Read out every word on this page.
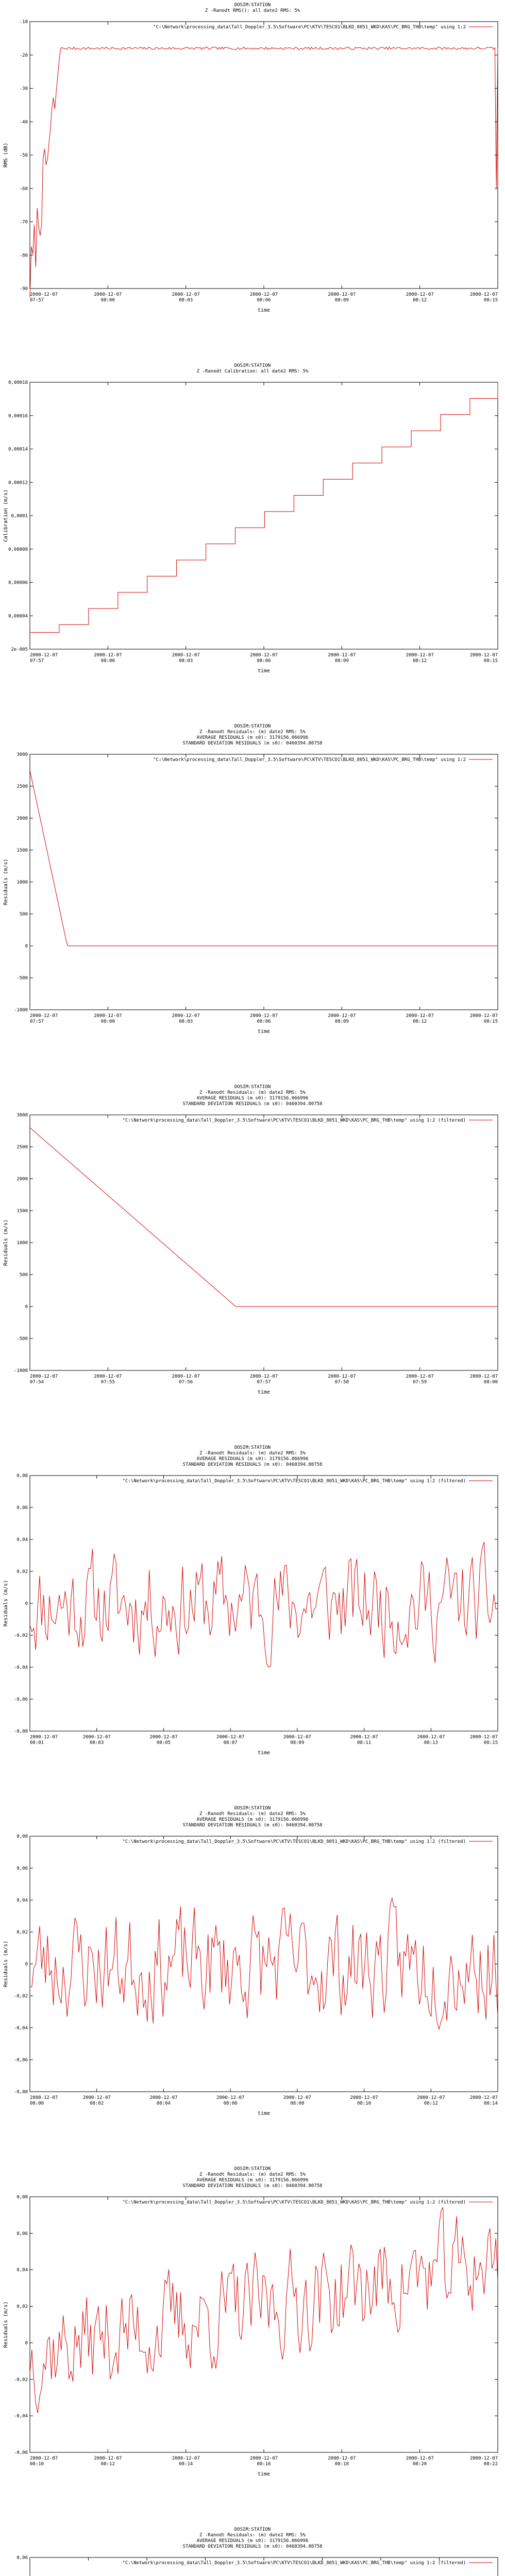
DOSIM:STATION
Z -Ranodt RMS(): all date2 RMS: 5%
-90
-80
-70
-60
-50
-40
-30
-20
-10
2000-12-07
07:57
2000-12-07
08:00
2000-12-07
08:03
2000-12-07
08:06
2000-12-07
08:09
2000-12-07
08:12
2000-12-07
08:15
time
RMS (dB)
"C:\Network\processing_data\Tall_Doppler_3.5\Software\PC\KTV\TESCO1\BLKD_8051_WKD\KAS\PC_BRG_THB\temp" using 1:2
DOSIM:STATION
Z -Ranodt Calibration: all date2 RMS: 5%
2e-005
0,00004
0,00006
0,00008
0,0001
0,00012
0,00014
0,00016
0,00018
2000-12-07
07:57
2000-12-07
08:00
2000-12-07
08:03
2000-12-07
08:06
2000-12-07
08:09
2000-12-07
08:12
2000-12-07
08:15
time
Calibration (m/s)
DOSIM:STATION
Z -Ranodt Residuals: (m) date2 RMS: 5%
AVERAGE RESIDUALS (m s0): 3179156.066996
STANDARD DEVIATION RESIDUALS (m s0): 0460394.80758
-1000
-500
0
500
1000
1500
2000
2500
3000
2000-12-07
07:57
2000-12-07
08:00
2000-12-07
08:03
2000-12-07
08:06
2000-12-07
08:09
2000-12-07
08:12
2000-12-07
08:15
time
Residuals (m/s)
"C:\Network\processing_data\Tall_Doppler_3.5\Software\PC\KTV\TESCO1\BLKD_8051_WKD\KAS\PC_BRG_THB\temp" using 1:2
DOSIM:STATION
Z -Ranodt Residuals: (m) date2 RMS: 5%
AVERAGE RESIDUALS (m s0): 3179156.066996
STANDARD DEVIATION RESIDUALS (m s0): 0460394.80758
-1000
-500
0
500
1000
1500
2000
2500
3000
2000-12-07
07:54
2000-12-07
07:55
2000-12-07
07:56
2000-12-07
07:57
2000-12-07
07:58
2000-12-07
07:59
2000-12-07
08:00
time
Residuals (m/s)
"C:\Network\processing_data\Tall_Doppler_3.5\Software\PC\KTV\TESCO1\BLKD_8051_WKD\KAS\PC_BRG_THB\temp" using 1:2 (filtered)
DOSIM:STATION
Z -Ranodt Residuals: (m) date2 RMS: 5%
AVERAGE RESIDUALS (m s0): 3179156.066996
STANDARD DEVIATION RESIDUALS (m s0): 0460394.80758
-0,08
-0,06
-0,04
-0,02
0
0,02
0,04
0,06
0,08
2000-12-07
08:01
2000-12-07
08:03
2000-12-07
08:05
2000-12-07
08:07
2000-12-07
08:09
2000-12-07
08:11
2000-12-07
08:13
2000-12-07
08:15
time
Residuals (m/s)
"C:\Network\processing_data\Tall_Doppler_3.5\Software\PC\KTV\TESCO1\BLKD_8051_WKD\KAS\PC_BRG_THB\temp" using 1:2 (filtered)
DOSIM:STATION
Z -Ranodt Residuals: (m) date2 RMS: 5%
AVERAGE RESIDUALS (m s0): 3179156.066996
STANDARD DEVIATION RESIDUALS (m s0): 0460394.80758
-0,08
-0,06
-0,04
-0,02
0
0,02
0,04
0,06
0,08
2000-12-07
08:00
2000-12-07
08:02
2000-12-07
08:04
2000-12-07
08:06
2000-12-07
08:08
2000-12-07
08:10
2000-12-07
08:12
2000-12-07
08:14
time
Residuals (m/s)
"C:\Network\processing_data\Tall_Doppler_3.5\Software\PC\KTV\TESCO1\BLKD_8051_WKD\KAS\PC_BRG_THB\temp" using 1:2 (filtered)
DOSIM:STATION
Z -Ranodt Residuals: (m) date2 RMS: 5%
AVERAGE RESIDUALS (m s0): 3179156.066996
STANDARD DEVIATION RESIDUALS (m s0): 0460394.80758
-0,06
-0,04
-0,02
0
0,02
0,04
0,06
0,08
2000-12-07
08:10
2000-12-07
08:12
2000-12-07
08:14
2000-12-07
08:16
2000-12-07
08:18
2000-12-07
08:20
2000-12-07
08:22
time
Residuals (m/s)
"C:\Network\processing_data\Tall_Doppler_3.5\Software\PC\KTV\TESCO1\BLKD_8051_WKD\KAS\PC_BRG_THB\temp" using 1:2 (filtered)
DOSIM:STATION
Z -Ranodt Residuals: (m) date2 RMS: 5%
AVERAGE RESIDUALS (m s0): 3179156.066996
STANDARD DEVIATION RESIDUALS (m s0): 0460394.80758
0,06
"C:\Network\processing_data\Tall_Doppler_3.5\Software\PC\KTV\TESCO1\BLKD_8051_WKD\KAS\PC_BRG_THB\temp" using 1:2 (filtered)
